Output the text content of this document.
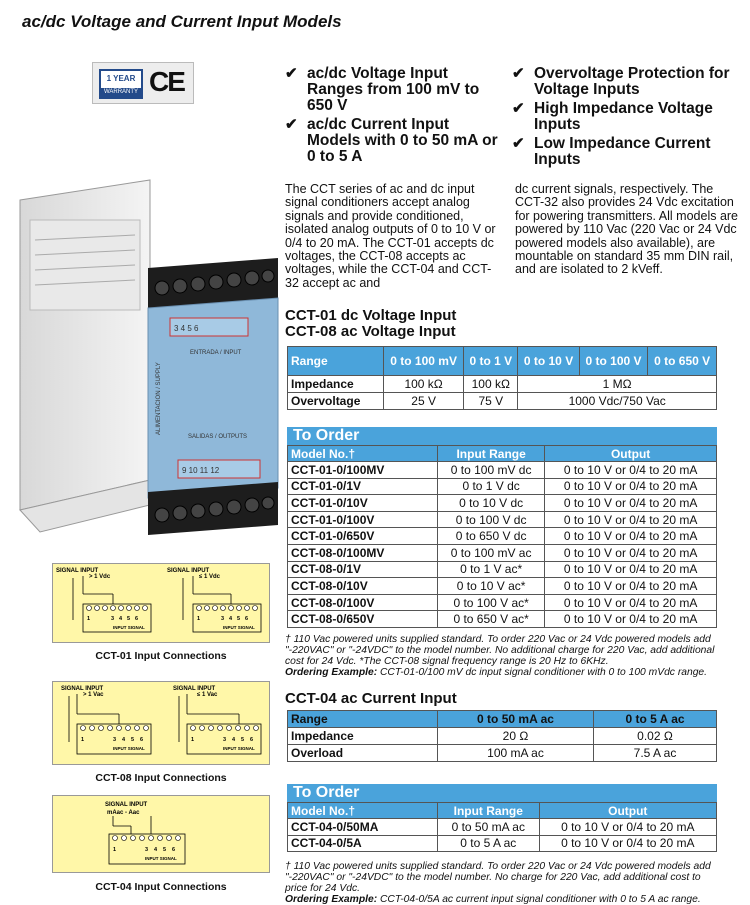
ac/dc Voltage and Current Input Models
1 YEAR
WARRANTY CE
3 4 5 6
ENTRADA / INPUT
SALIDAS / OUTPUTS
9 10 11 12
ALIMENTACION / SUPPLY
✔ ac/dc Voltage Input Ranges from 100 mV to 650 V
✔ ac/dc Current Input Models with 0 to 50 mA or 0 to 5 A
✔ Overvoltage Protection for Voltage Inputs
✔ High Impedance Voltage Inputs
✔ Low Impedance Current Inputs
The CCT series of ac and dc input signal conditioners accept analog signals and provide conditioned, isolated analog outputs of 0 to 10 V or 0/4 to 20 mA. The CCT-01 accepts dc voltages, the CCT-08 accepts ac voltages, while the CCT-04 and CCT-32 accept ac and
dc current signals, respectively. The CCT-32 also provides 24 Vdc excitation for powering transmitters. All models are powered by 110 Vac (220 Vac or 24 Vdc powered models also available), are mountable on standard 35 mm DIN rail, and are isolated to 2 kVeff.
CCT-01 dc Voltage Input
CCT-08 ac Voltage Input
Range	0 to 100 mV	0 to 1 V	0 to 10 V	0 to 100 V	0 to 650 V
Impedance	100 kΩ	100 kΩ	1 MΩ		
Overvoltage	25 V	75 V	1000 Vdc/750 Vac		
To Order
Model No.†	Input Range	Output
CCT-01-0/100MV	0 to 100 mV dc	0 to 10 V or 0/4 to 20 mA
CCT-01-0/1V	0 to 1 V dc	0 to 10 V or 0/4 to 20 mA
CCT-01-0/10V	0 to 10 V dc	0 to 10 V or 0/4 to 20 mA
CCT-01-0/100V	0 to 100 V dc	0 to 10 V or 0/4 to 20 mA
CCT-01-0/650V	0 to 650 V dc	0 to 10 V or 0/4 to 20 mA
CCT-08-0/100MV	0 to 100 mV ac	0 to 10 V or 0/4 to 20 mA
CCT-08-0/1V	0 to 1 V ac*	0 to 10 V or 0/4 to 20 mA
CCT-08-0/10V	0 to 10 V ac*	0 to 10 V or 0/4 to 20 mA
CCT-08-0/100V	0 to 100 V ac*	0 to 10 V or 0/4 to 20 mA
CCT-08-0/650V	0 to 650 V ac*	0 to 10 V or 0/4 to 20 mA
† 110 Vac powered units supplied standard. To order 220 Vac or 24 Vdc powered models add "-220VAC" or "-24VDC" to the model number. No additional charge for 220 Vac, add additional cost for 24 Vdc. *The CCT-08 signal frequency range is 20 Hz to 6KHz.
Ordering Example: CCT-01-0/100 mV dc input signal conditioner with 0 to 100 mVdc range.
CCT-04 ac Current Input
Range	0 to 50 mA ac	0 to 5 A ac
Impedance	20 Ω	0.02 Ω
Overload	100 mA ac	7.5 A ac
To Order
Model No.†	Input Range	Output
CCT-04-0/50MA	0 to 50 mA ac	0 to 10 V or 0/4 to 20 mA
CCT-04-0/5A	0 to 5 A ac	0 to 10 V or 0/4 to 20 mA
† 110 Vac powered units supplied standard. To order 220 Vac or 24 Vdc powered models add "-220VAC" or "-24VDC" to the model number. No charge for 220 Vac, add additional cost to price for 24 Vdc.
Ordering Example: CCT-04-0/5A ac current input signal conditioner with 0 to 5 A ac range.
SIGNAL INPUT
> 1 Vdc
SIGNAL INPUT
≤ 1 Vdc
1	3 4 5 6
INPUT SIGNAL
1	3 4 5 6
INPUT SIGNAL
CCT-01 Input Connections
SIGNAL INPUT
> 1 Vac
SIGNAL INPUT
≤ 1 Vac
1	3 4 5 6
INPUT SIGNAL
1	3 4 5 6
INPUT SIGNAL
CCT-08 Input Connections
SIGNAL INPUT
mAac - Aac
1	3 4 5 6
INPUT SIGNAL
CCT-04 Input Connections
